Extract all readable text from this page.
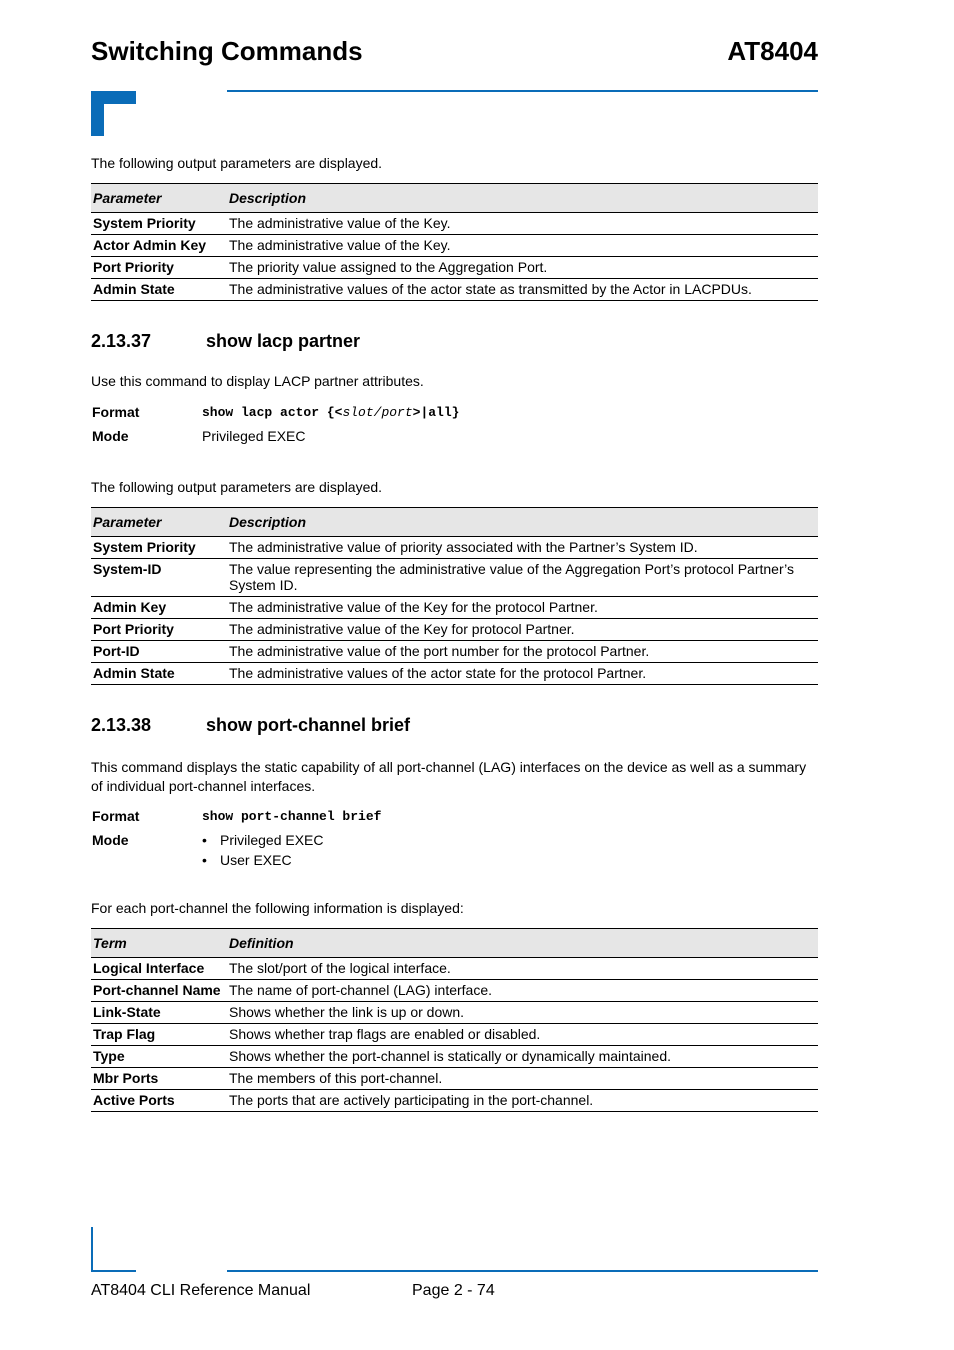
Switching Commands	AT8404
The following output parameters are displayed.
Parameter	Description
System Priority	The administrative value of the Key.
Actor Admin Key	The administrative value of the Key.
Port Priority	The priority value assigned to the Aggregation Port.
Admin State	The administrative values of the actor state as transmitted by the Actor in LACPDUs.
2.13.37	show lacp partner
Use this command to display LACP partner attributes.
Format	show lacp actor {<slot/port>|all}
Mode	Privileged EXEC
The following output parameters are displayed.
Parameter	Description
System Priority	The administrative value of priority associated with the Partner’s System ID.
System-ID	The value representing the administrative value of the Aggregation Port’s protocol Partner’s System ID.
Admin Key	The administrative value of the Key for the protocol Partner.
Port Priority	The administrative value of the Key for protocol Partner.
Port-ID	The administrative value of the port number for the protocol Partner.
Admin State	The administrative values of the actor state for the protocol Partner.
2.13.38	show port-channel brief
This command displays the static capability of all port-channel (LAG) interfaces on the device as well as a summary of individual port-channel interfaces.
Format	show port-channel brief
Mode	• Privileged EXEC
• User EXEC
For each port-channel the following information is displayed:
Term	Definition
Logical Interface	The slot/port of the logical interface.
Port-channel Name	The name of port-channel (LAG) interface.
Link-State	Shows whether the link is up or down.
Trap Flag	Shows whether trap flags are enabled or disabled.
Type	Shows whether the port-channel is statically or dynamically maintained.
Mbr Ports	The members of this port-channel.
Active Ports	The ports that are actively participating in the port-channel.
AT8404 CLI Reference Manual	Page 2 - 74
